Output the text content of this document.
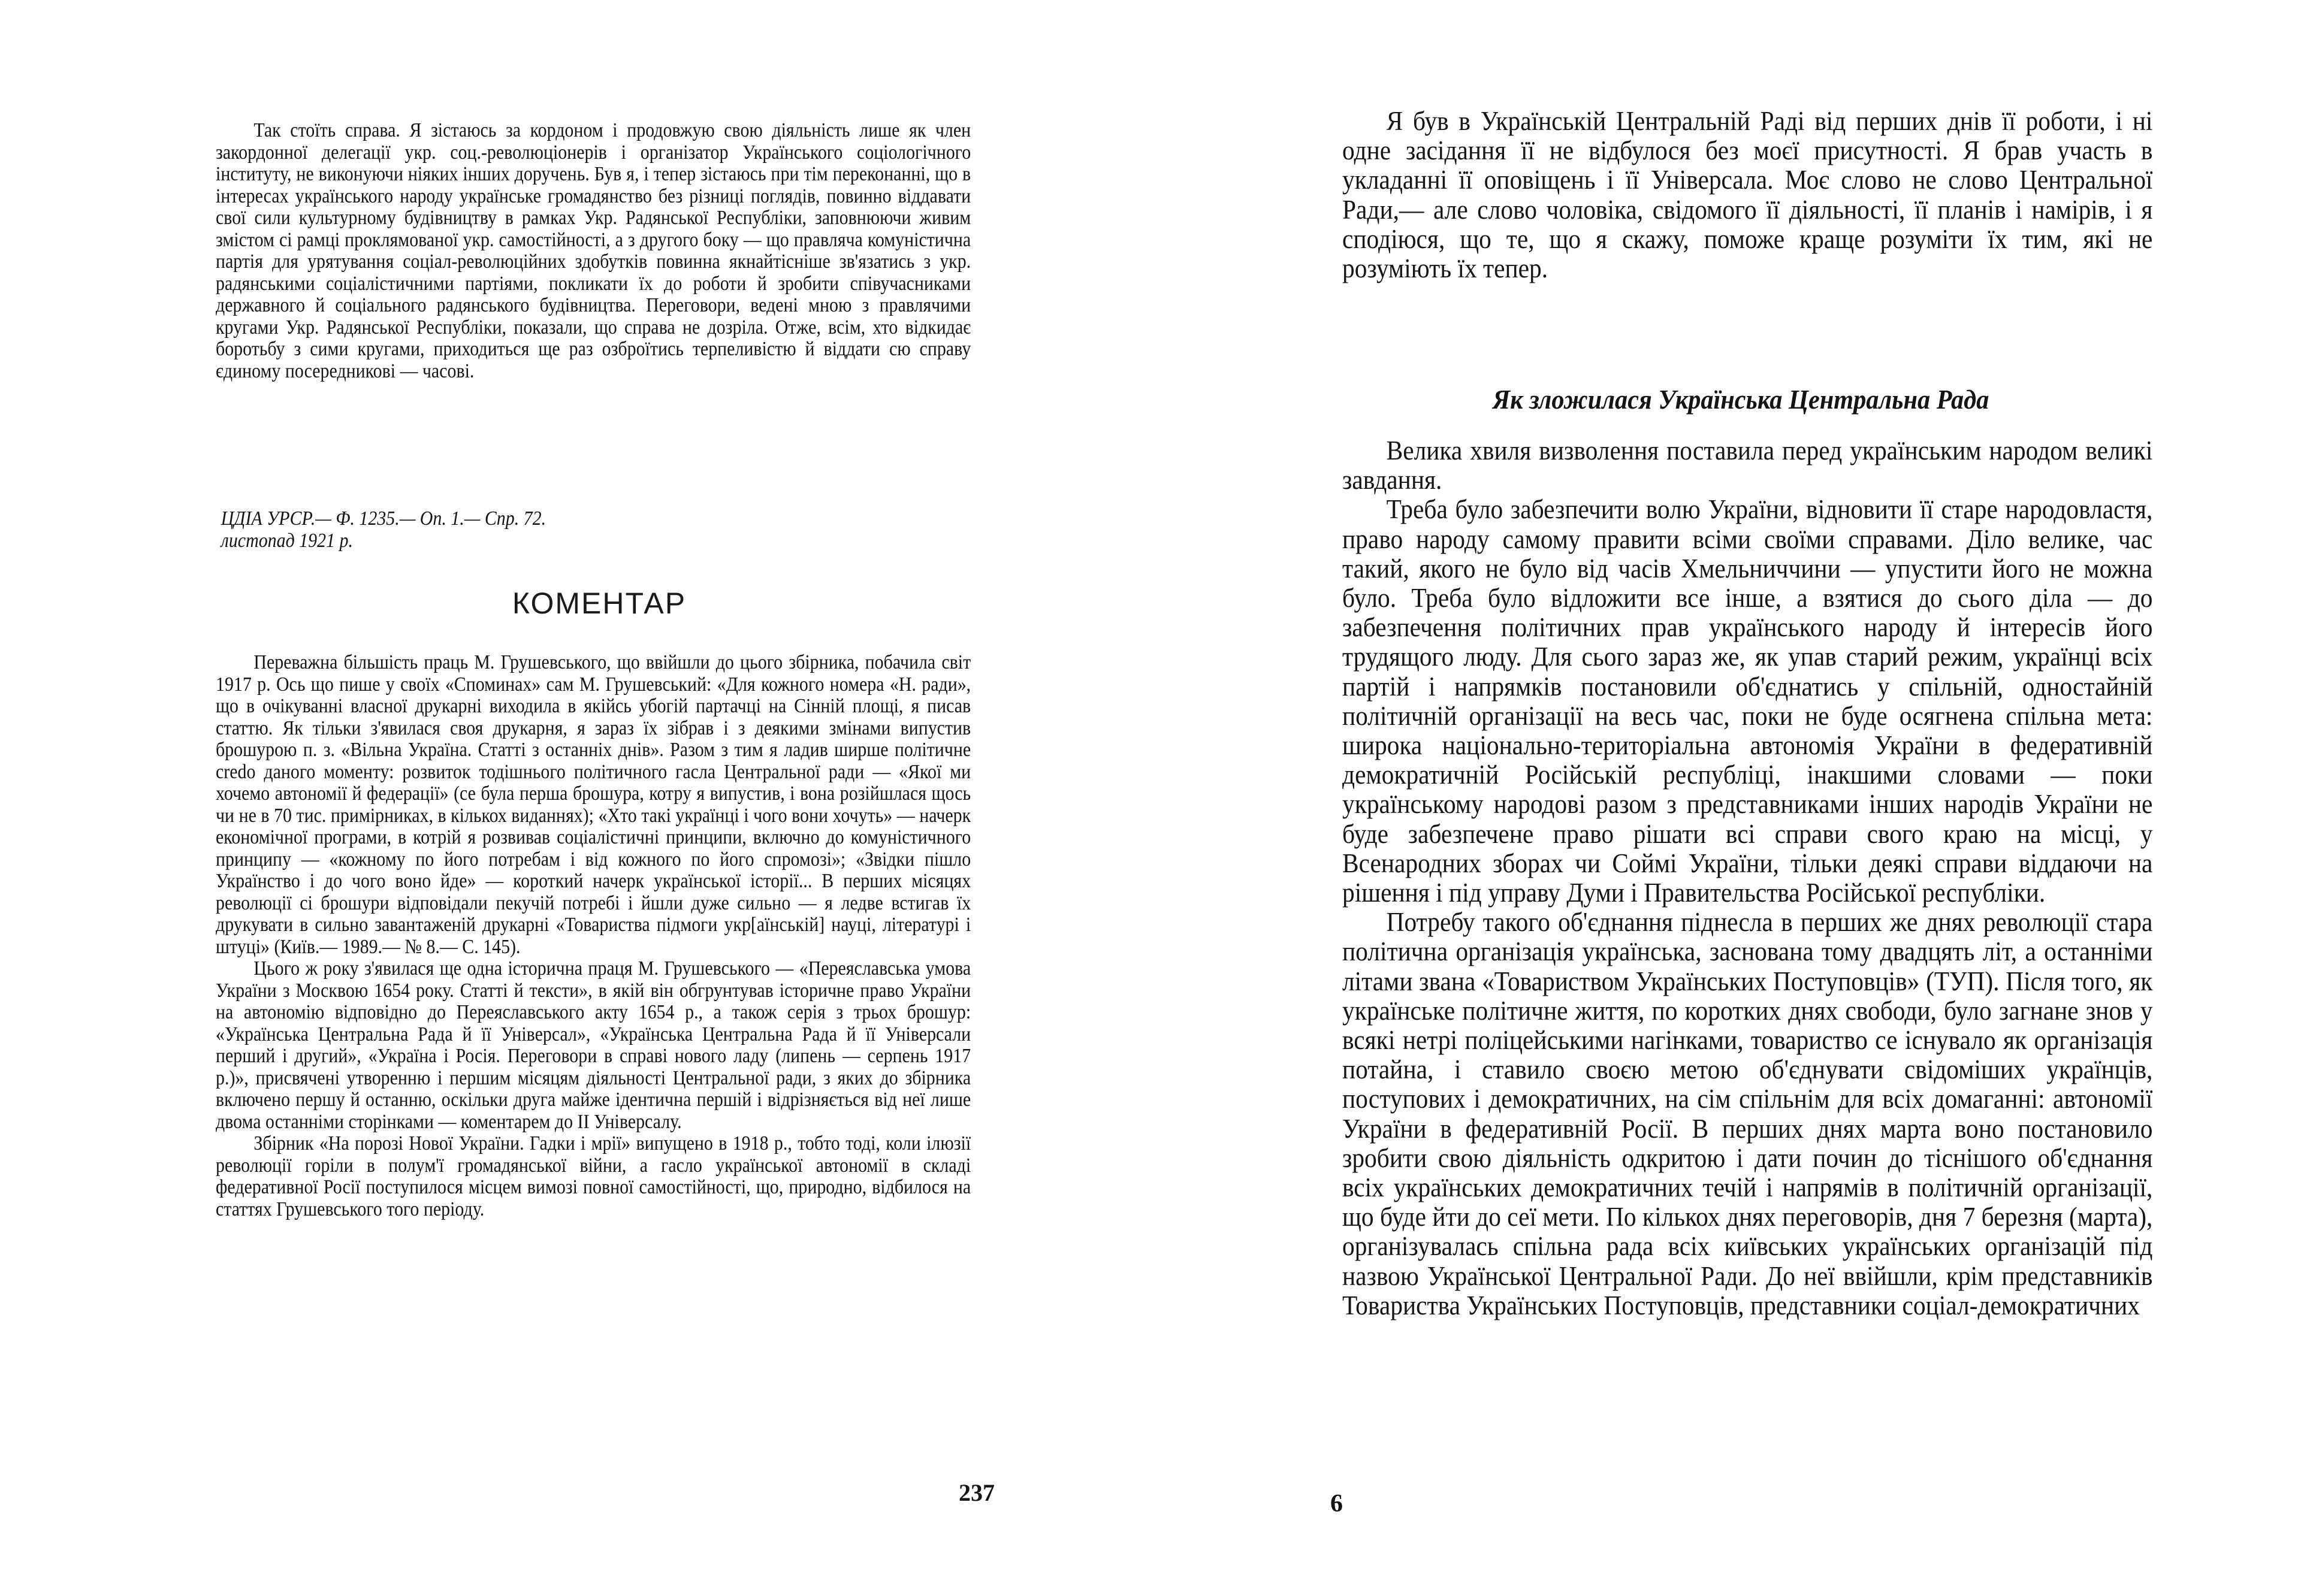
Так стоїть справа. Я зістаюсь за кордоном і продовжую свою діяльність лише як член закордонної делегації укр. соц.-революціонерів і організатор Українського соціологічного інституту, не виконуючи ніяких інших доручень. Був я, і тепер зістаюсь при тім переконанні, що в інтересах українського народу українське громадянство без різниці поглядів, повинно віддавати свої сили культурному будівництву в рамках Укр. Радянської Республіки, заповнюючи живим змістом сі рамці проклямованої укр. самостійності, а з другого боку — що правляча комуністична партія для урятування соціал-революційних здобутків повинна якнайтісніше зв'язатись з укр. радянськими соціалістичними партіями, покликати їх до роботи й зробити співучасниками державного й соціального радянського будівництва. Переговори, ведені мною з правлячими кругами Укр. Радянської Республіки, показали, що справа не дозріла. Отже, всім, хто відкидає боротьбу з сими кругами, приходиться ще раз озброїтись терпеливістю й віддати сю справу єдиному посередникові — часові.

ЦДІА УРСР.— Ф. 1235.— Оп. 1.— Спр. 72.
листопад 1921 р.
КОМЕНТАР

Переважна більшість праць М. Грушевського, що ввійшли до цього збірника, побачила світ 1917 р. Ось що пише у своїх «Споминах» сам М. Грушевський: «Для кожного номера «Н. ради», що в очікуванні власної друкарні виходила в якійсь убогій партачці на Сінній площі, я писав статтю. Як тільки з'явилася своя друкарня, я зараз їх зібрав і з деякими змінами випустив брошурою п. з. «Вільна Україна. Статті з останніх днів». Разом з тим я ладив ширше політичне credo даного моменту: розвиток тодішнього політичного гасла Центральної ради — «Якої ми хочемо автономії й федерації» (се була перша брошура, котру я випустив, і вона розійшлася щось чи не в 70 тис. примірниках, в кількох виданнях); «Хто такі українці і чого вони хочуть» — начерк економічної програми, в котрій я розвивав соціалістичні принципи, включно до комуністичного принципу — «кожному по його потребам і від кожного по його спромозі»; «Звідки пішло Українство і до чого воно йде» — короткий начерк української історії... В перших місяцях революції сі брошури відповідали пекучій потребі і йшли дуже сильно — я ледве встигав їх друкувати в сильно завантаженій друкарні «Товариства підмоги укр[аїнській] науці, літературі і штуці» (Київ.— 1989.— № 8.— С. 145).

Цього ж року з'явилася ще одна історична праця М. Грушевського — «Переяславська умова України з Москвою 1654 року. Статті й тексти», в якій він обгрунтував історичне право України на автономію відповідно до Переяславського акту 1654 р., а також серія з трьох брошур: «Українська Центральна Рада й її Універсал», «Українська Центральна Рада й її Універсали перший і другий», «Україна і Росія. Переговори в справі нового ладу (липень — серпень 1917 р.)», присвячені утворенню і першим місяцям діяльності Центральної ради, з яких до збірника включено першу й останню, оскільки друга майже ідентична першій і відрізняється від неї лише двома останніми сторінками — коментарем до II Універсалу.

Збірник «На порозі Нової України. Гадки і мрії» випущено в 1918 р., тобто тоді, коли ілюзії революції горіли в полум'ї громадянської війни, а гасло української автономії в складі федеративної Росії поступилося місцем вимозі повної самостійності, що, природно, відбилося на статтях Грушевського того періоду.

237

Я був в Українській Центральній Раді від перших днів її роботи, і ні одне засідання її не відбулося без моєї присутності. Я брав участь в укладанні її оповіщень і її Універсала. Моє слово не слово Центральної Ради,— але слово чоловіка, свідомого її діяльності, її планів і намірів, і я сподіюся, що те, що я скажу, поможе краще розуміти їх тим, які не розуміють їх тепер.

Як зложилася Українська Центральна Рада

Велика хвиля визволення поставила перед українським народом великі завдання.

Треба було забезпечити волю України, відновити її старе народовластя, право народу самому правити всіми своїми справами. Діло велике, час такий, якого не було від часів Хмельниччини — упустити його не можна було. Треба було відложити все інше, а взятися до сього діла — до забезпечення політичних прав українського народу й інтересів його трудящого люду. Для сього зараз же, як упав старий режим, українці всіх партій і напрямків постановили об'єднатись у спільній, одностайній політичній організації на весь час, поки не буде осягнена спільна мета: широка національно-територіальна автономія України в федеративній демократичній Російській республіці, інакшими словами — поки українському народові разом з представниками інших народів України не буде забезпечене право рішати всі справи свого краю на місці, у Всенародних зборах чи Соймі України, тільки деякі справи віддаючи на рішення і під управу Думи і Правительства Російської республіки.

Потребу такого об'єднання піднесла в перших же днях революції стара політична організація українська, заснована тому двадцять літ, а останніми літами звана «Товариством Українських Поступовців» (ТУП). Після того, як українське політичне життя, по коротких днях свободи, було загнане знов у всякі нетрі поліцейськими нагінками, товариство се існувало як організація потайна, і ставило своєю метою об'єднувати свідоміших українців, поступових і демократичних, на сім спільнім для всіх домаганні: автономії України в федеративній Росії. В перших днях марта воно постановило зробити свою діяльність одкритою і дати почин до тіснішого об'єднання всіх українських демократичних течій і напрямів в політичній організації, що буде йти до сеї мети. По кількох днях переговорів, дня 7 березня (марта), організувалась спільна рада всіх київських українських організацій під назвою Української Центральної Ради. До неї ввійшли, крім представників Товариства Українських Поступовців, представники соціал-демократичних

6
